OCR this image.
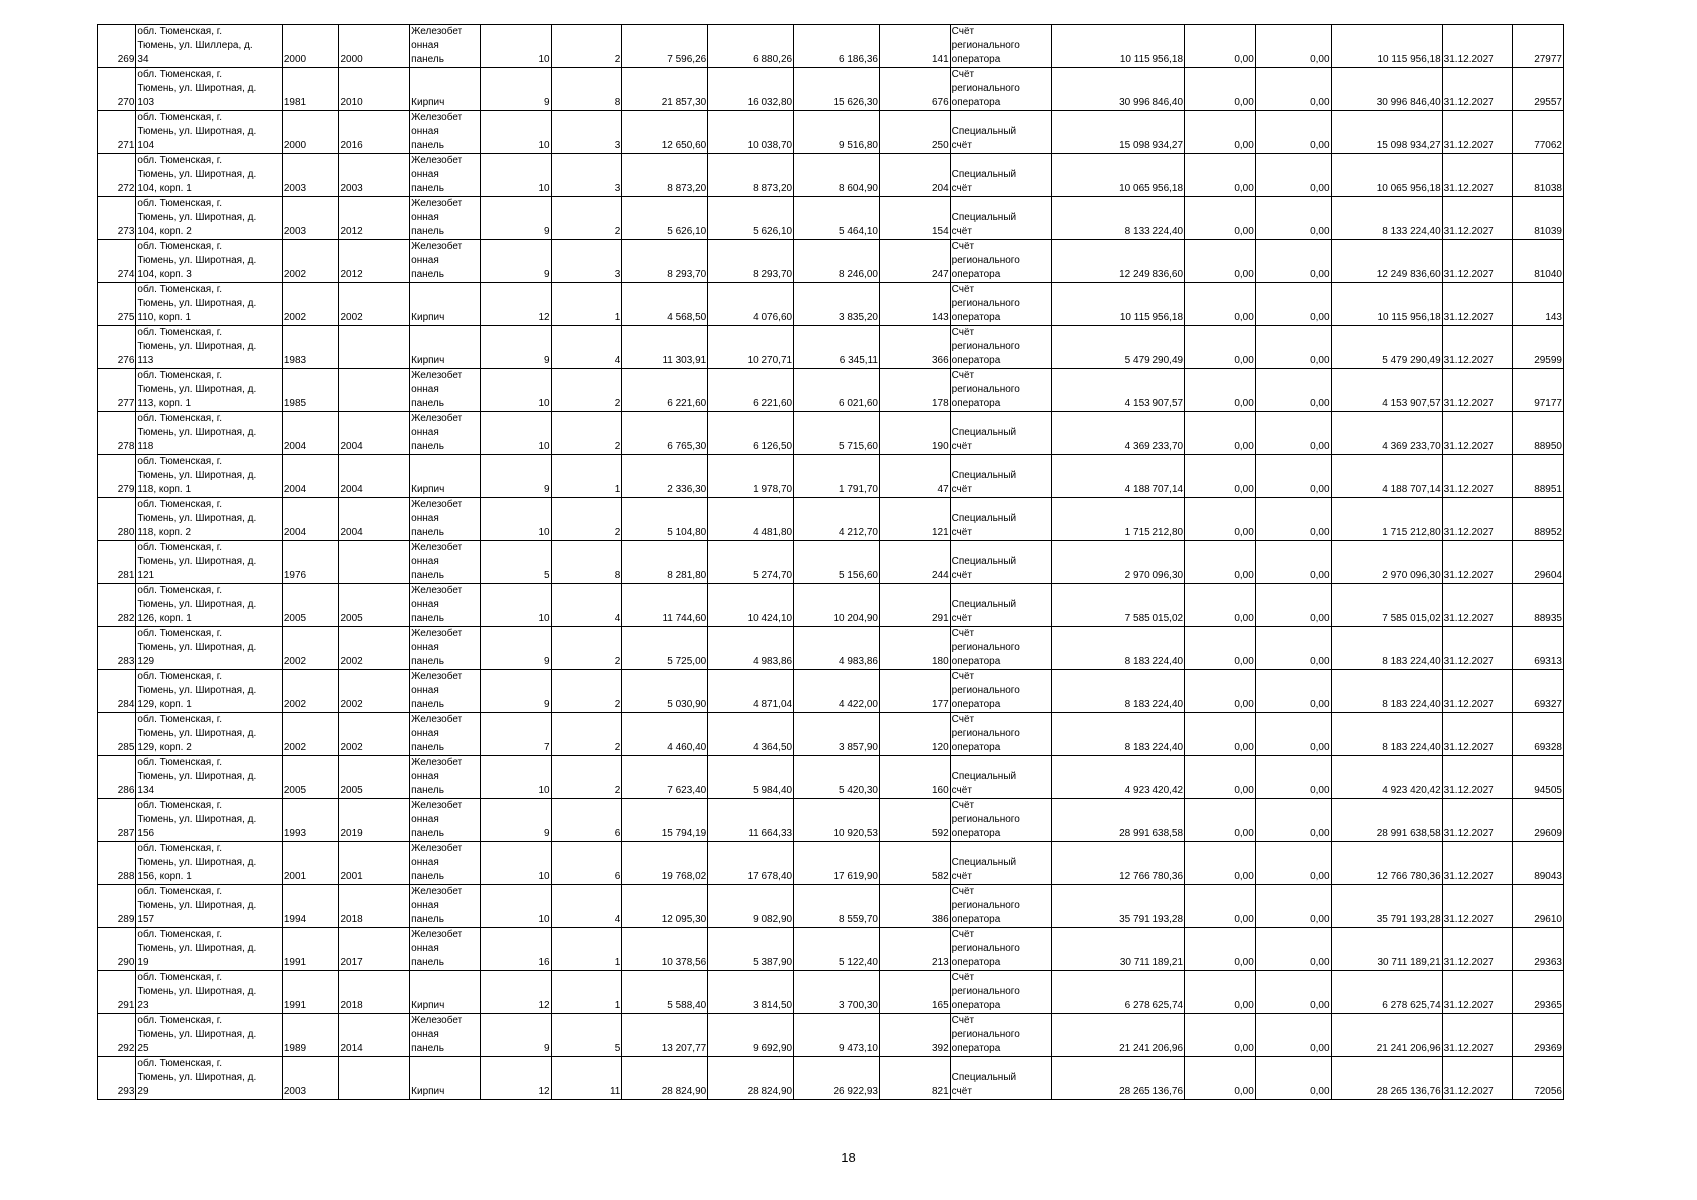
269	обл. Тюменская, г.
Тюмень, ул. Шиллера, д.
34	2000	2000	Железобет
онная
панель	10	2	7 596,26	6 880,26	6 186,36	141	Счёт
регионального
оператора	10 115 956,18	0,00	0,00	10 115 956,18	31.12.2027	27977
270	обл. Тюменская, г.
Тюмень, ул. Широтная, д.
103	1981	2010	Кирпич	9	8	21 857,30	16 032,80	15 626,30	676	Счёт
регионального
оператора	30 996 846,40	0,00	0,00	30 996 846,40	31.12.2027	29557
271	обл. Тюменская, г.
Тюмень, ул. Широтная, д.
104	2000	2016	Железобет
онная
панель	10	3	12 650,60	10 038,70	9 516,80	250	Специальный
счёт	15 098 934,27	0,00	0,00	15 098 934,27	31.12.2027	77062
272	обл. Тюменская, г.
Тюмень, ул. Широтная, д.
104, корп. 1	2003	2003	Железобет
онная
панель	10	3	8 873,20	8 873,20	8 604,90	204	Специальный
счёт	10 065 956,18	0,00	0,00	10 065 956,18	31.12.2027	81038
273	обл. Тюменская, г.
Тюмень, ул. Широтная, д.
104, корп. 2	2003	2012	Железобет
онная
панель	9	2	5 626,10	5 626,10	5 464,10	154	Специальный
счёт	8 133 224,40	0,00	0,00	8 133 224,40	31.12.2027	81039
274	обл. Тюменская, г.
Тюмень, ул. Широтная, д.
104, корп. 3	2002	2012	Железобет
онная
панель	9	3	8 293,70	8 293,70	8 246,00	247	Счёт
регионального
оператора	12 249 836,60	0,00	0,00	12 249 836,60	31.12.2027	81040
275	обл. Тюменская, г.
Тюмень, ул. Широтная, д.
110, корп. 1	2002	2002	Кирпич	12	1	4 568,50	4 076,60	3 835,20	143	Счёт
регионального
оператора	10 115 956,18	0,00	0,00	10 115 956,18	31.12.2027	143
276	обл. Тюменская, г.
Тюмень, ул. Широтная, д.
113	1983		Кирпич	9	4	11 303,91	10 270,71	6 345,11	366	Счёт
регионального
оператора	5 479 290,49	0,00	0,00	5 479 290,49	31.12.2027	29599
277	обл. Тюменская, г.
Тюмень, ул. Широтная, д.
113, корп. 1	1985		Железобет
онная
панель	10	2	6 221,60	6 221,60	6 021,60	178	Счёт
регионального
оператора	4 153 907,57	0,00	0,00	4 153 907,57	31.12.2027	97177
278	обл. Тюменская, г.
Тюмень, ул. Широтная, д.
118	2004	2004	Железобет
онная
панель	10	2	6 765,30	6 126,50	5 715,60	190	Специальный
счёт	4 369 233,70	0,00	0,00	4 369 233,70	31.12.2027	88950
279	обл. Тюменская, г.
Тюмень, ул. Широтная, д.
118, корп. 1	2004	2004	Кирпич	9	1	2 336,30	1 978,70	1 791,70	47	Специальный
счёт	4 188 707,14	0,00	0,00	4 188 707,14	31.12.2027	88951
280	обл. Тюменская, г.
Тюмень, ул. Широтная, д.
118, корп. 2	2004	2004	Железобет
онная
панель	10	2	5 104,80	4 481,80	4 212,70	121	Специальный
счёт	1 715 212,80	0,00	0,00	1 715 212,80	31.12.2027	88952
281	обл. Тюменская, г.
Тюмень, ул. Широтная, д.
121	1976		Железобет
онная
панель	5	8	8 281,80	5 274,70	5 156,60	244	Специальный
счёт	2 970 096,30	0,00	0,00	2 970 096,30	31.12.2027	29604
282	обл. Тюменская, г.
Тюмень, ул. Широтная, д.
126, корп. 1	2005	2005	Железобет
онная
панель	10	4	11 744,60	10 424,10	10 204,90	291	Специальный
счёт	7 585 015,02	0,00	0,00	7 585 015,02	31.12.2027	88935
283	обл. Тюменская, г.
Тюмень, ул. Широтная, д.
129	2002	2002	Железобет
онная
панель	9	2	5 725,00	4 983,86	4 983,86	180	Счёт
регионального
оператора	8 183 224,40	0,00	0,00	8 183 224,40	31.12.2027	69313
284	обл. Тюменская, г.
Тюмень, ул. Широтная, д.
129, корп. 1	2002	2002	Железобет
онная
панель	9	2	5 030,90	4 871,04	4 422,00	177	Счёт
регионального
оператора	8 183 224,40	0,00	0,00	8 183 224,40	31.12.2027	69327
285	обл. Тюменская, г.
Тюмень, ул. Широтная, д.
129, корп. 2	2002	2002	Железобет
онная
панель	7	2	4 460,40	4 364,50	3 857,90	120	Счёт
регионального
оператора	8 183 224,40	0,00	0,00	8 183 224,40	31.12.2027	69328
286	обл. Тюменская, г.
Тюмень, ул. Широтная, д.
134	2005	2005	Железобет
онная
панель	10	2	7 623,40	5 984,40	5 420,30	160	Специальный
счёт	4 923 420,42	0,00	0,00	4 923 420,42	31.12.2027	94505
287	обл. Тюменская, г.
Тюмень, ул. Широтная, д.
156	1993	2019	Железобет
онная
панель	9	6	15 794,19	11 664,33	10 920,53	592	Счёт
регионального
оператора	28 991 638,58	0,00	0,00	28 991 638,58	31.12.2027	29609
288	обл. Тюменская, г.
Тюмень, ул. Широтная, д.
156, корп. 1	2001	2001	Железобет
онная
панель	10	6	19 768,02	17 678,40	17 619,90	582	Специальный
счёт	12 766 780,36	0,00	0,00	12 766 780,36	31.12.2027	89043
289	обл. Тюменская, г.
Тюмень, ул. Широтная, д.
157	1994	2018	Железобет
онная
панель	10	4	12 095,30	9 082,90	8 559,70	386	Счёт
регионального
оператора	35 791 193,28	0,00	0,00	35 791 193,28	31.12.2027	29610
290	обл. Тюменская, г.
Тюмень, ул. Широтная, д.
19	1991	2017	Железобет
онная
панель	16	1	10 378,56	5 387,90	5 122,40	213	Счёт
регионального
оператора	30 711 189,21	0,00	0,00	30 711 189,21	31.12.2027	29363
291	обл. Тюменская, г.
Тюмень, ул. Широтная, д.
23	1991	2018	Кирпич	12	1	5 588,40	3 814,50	3 700,30	165	Счёт
регионального
оператора	6 278 625,74	0,00	0,00	6 278 625,74	31.12.2027	29365
292	обл. Тюменская, г.
Тюмень, ул. Широтная, д.
25	1989	2014	Железобет
онная
панель	9	5	13 207,77	9 692,90	9 473,10	392	Счёт
регионального
оператора	21 241 206,96	0,00	0,00	21 241 206,96	31.12.2027	29369
293	обл. Тюменская, г.
Тюмень, ул. Широтная, д.
29	2003		Кирпич	12	11	28 824,90	28 824,90	26 922,93	821	Специальный
счёт	28 265 136,76	0,00	0,00	28 265 136,76	31.12.2027	72056
18
